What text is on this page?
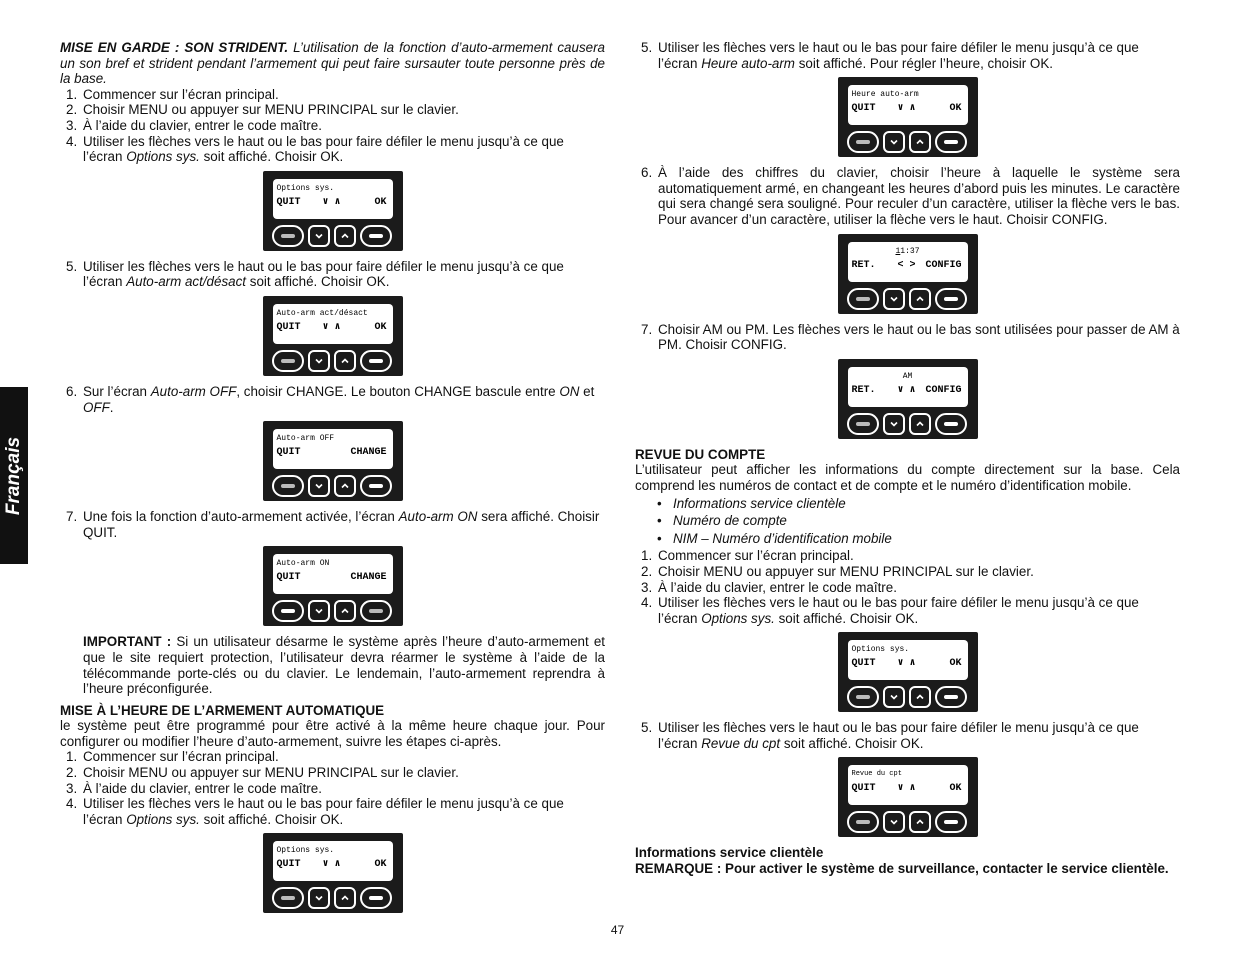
Français

MISE EN GARDE : SON STRIDENT. L’utilisation de la fonction d’auto-armement causera un son bref et strident pendant l’armement qui peut faire sursauter toute personne près de la base.

1. Commencer sur l’écran principal.
2. Choisir MENU ou appuyer sur MENU PRINCIPAL sur le clavier.
3. À l’aide du clavier, entrer le code maître.
4. Utiliser les flèches vers le haut ou le bas pour faire défiler le menu jusqu’à ce que l’écran Options sys. soit affiché. Choisir OK.
Options sys.
QUIT ∨ ∧	OK
5. Utiliser les flèches vers le haut ou le bas pour faire défiler le menu jusqu’à ce que l’écran Auto-arm act/désact soit affiché. Choisir OK.
Auto-arm act/désact
QUIT ∨ ∧	OK
6. Sur l’écran Auto-arm OFF, choisir CHANGE. Le bouton CHANGE bascule entre ON et OFF.
Auto-arm OFF
QUIT	CHANGE
7. Une fois la fonction d’auto-armement activée, l’écran Auto-arm ON sera affiché. Choisir QUIT.
Auto-arm ON
QUIT	CHANGE

IMPORTANT : Si un utilisateur désarme le système après l’heure d’auto-armement et que le site requiert protection, l’utilisateur devra réarmer le système à l’aide de la télécommande porte-clés ou du clavier. Le lendemain, l’auto-armement reprendra à l’heure préconfigurée.

MISE À L’HEURE DE L’ARMEMENT AUTOMATIQUE

le système peut être programmé pour être activé à la même heure chaque jour. Pour configurer ou modifier l’heure d’auto-armement, suivre les étapes ci-après.

1. Commencer sur l’écran principal.
2. Choisir MENU ou appuyer sur MENU PRINCIPAL sur le clavier.
3. À l’aide du clavier, entrer le code maître.
4. Utiliser les flèches vers le haut ou le bas pour faire défiler le menu jusqu’à ce que l’écran Options sys. soit affiché. Choisir OK.
Options sys.
QUIT ∨ ∧	OK
5. Utiliser les flèches vers le haut ou le bas pour faire défiler le menu jusqu’à ce que l’écran Heure auto-arm soit affiché. Pour régler l’heure, choisir OK.
Heure auto-arm
QUIT ∨ ∧	OK
6. À l’aide des chiffres du clavier, choisir l’heure à laquelle le système sera automatiquement armé, en changeant les heures d’abord puis les minutes. Le caractère qui sera changé sera souligné. Pour reculer d’un caractère, utiliser la flèche vers le bas. Pour avancer d’un caractère, utiliser la flèche vers le haut. Choisir CONFIG.
11:37
RET. < > CONFIG
7. Choisir AM ou PM. Les flèches vers le haut ou le bas sont utilisées pour passer de AM à PM. Choisir CONFIG.
AM
RET. ∨ ∧ CONFIG

REVUE DU COMPTE

L’utilisateur peut afficher les informations du compte directement sur la base. Cela comprend les numéros de contact et de compte et le numéro d’identification mobile.

• Informations service clientèle
• Numéro de compte
• NIM – Numéro d’identification mobile
1. Commencer sur l’écran principal.
2. Choisir MENU ou appuyer sur MENU PRINCIPAL sur le clavier.
3. À l’aide du clavier, entrer le code maître.
4. Utiliser les flèches vers le haut ou le bas pour faire défiler le menu jusqu’à ce que l’écran Options sys. soit affiché. Choisir OK.
Options sys.
QUIT ∨ ∧	OK
5. Utiliser les flèches vers le haut ou le bas pour faire défiler le menu jusqu’à ce que l’écran Revue du cpt soit affiché. Choisir OK.
Revue du cpt
QUIT ∨ ∧	OK

Informations service clientèle

REMARQUE : Pour activer le système de surveillance, contacter le service clientèle.

47
